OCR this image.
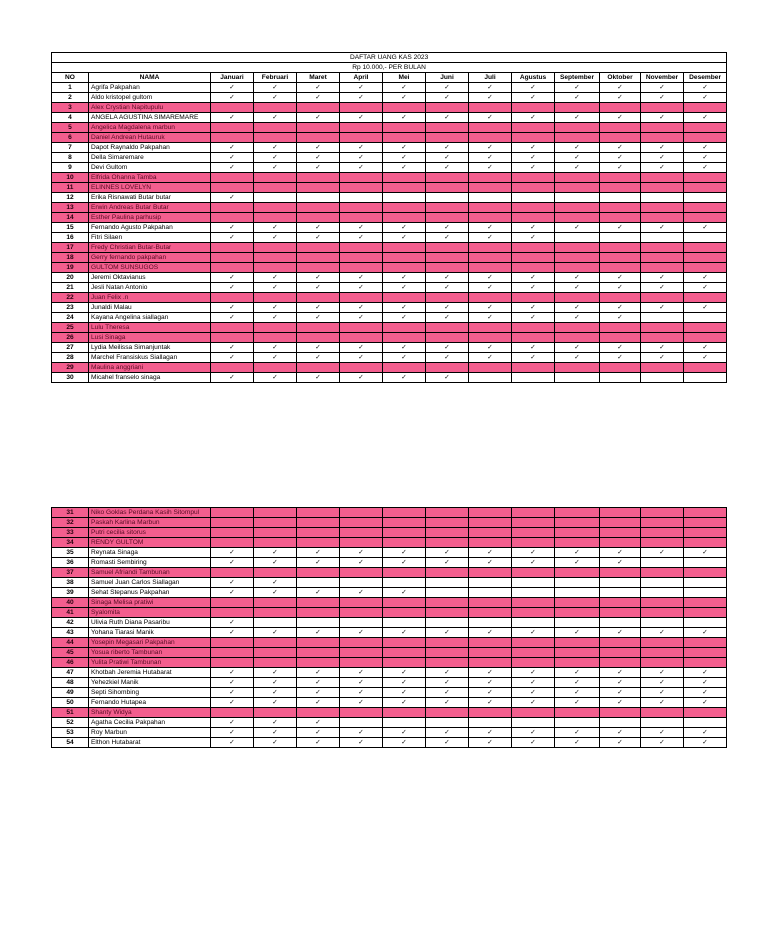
DAFTAR UANG KAS 2023													
Rp 10.000,- PER BULAN													
NO	NAMA	Januari	Februari	Maret	April	Mei	Juni	Juli	Agustus	September	Oktober	November	Desember
1	Agrifa Pakpahan	✓	✓	✓	✓	✓	✓	✓	✓	✓	✓	✓	✓
2	Aldo kristopel gultom	✓	✓	✓	✓	✓	✓	✓	✓	✓	✓	✓	✓
3	Alex Crystian Napitupulu												
4	ANGELA AGUSTINA SIMAREMARE	✓	✓	✓	✓	✓	✓	✓	✓	✓	✓	✓	✓
5	Angelica Magdalena marbun												
6	Daniel Andrean Hutauruk												
7	Dapot Raynaldo Pakpahan	✓	✓	✓	✓	✓	✓	✓	✓	✓	✓	✓	✓
8	Della Simaremare	✓	✓	✓	✓	✓	✓	✓	✓	✓	✓	✓	✓
9	Devi Gultom	✓	✓	✓	✓	✓	✓	✓	✓	✓	✓	✓	✓
10	Elfrida Ohanna Tamba												
11	ELINNES LOVELYN												
12	Erika Risnawati Butar butar	✓											
13	Erwin Andreas Butar Butar												
14	Esther Paulina parhusip												
15	Fernando Agusto Pakpahan	✓	✓	✓	✓	✓	✓	✓	✓	✓	✓	✓	✓
16	Fitri Silaen	✓	✓	✓	✓	✓	✓	✓	✓				
17	Fredy Christian Butar-Butar												
18	Gerry fernando pakpahan												
19	GULTOM SUNSUGOS												
20	Jeremi Oktavianus	✓	✓	✓	✓	✓	✓	✓	✓	✓	✓	✓	✓
21	Jesli Natan Antonio	✓	✓	✓	✓	✓	✓	✓	✓	✓	✓	✓	✓
22	Juan Felix .n												
23	Junaldi Malau	✓	✓	✓	✓	✓	✓	✓	✓	✓	✓	✓	✓
24	Kayana Angelina siallagan	✓	✓	✓	✓	✓	✓	✓	✓	✓	✓		
25	Lulu Theresa												
26	Lusi Sinaga												
27	Lydia Meilissa Simanjuntak	✓	✓	✓	✓	✓	✓	✓	✓	✓	✓	✓	✓
28	Marchel Fransiskus Siallagan	✓	✓	✓	✓	✓	✓	✓	✓	✓	✓	✓	✓
29	Maulina anggriani												
30	Micahel franselo sinaga	✓	✓	✓	✓	✓	✓						
31	Niko Goklas Perdana Kasih Sitompul												
32	Paskah Karlina Marbun												
33	Putri cecilia sitorus												
34	RENDY GULTOM												
35	Reynata Sinaga	✓	✓	✓	✓	✓	✓	✓	✓	✓	✓	✓	✓
36	Romasti Sembiring	✓	✓	✓	✓	✓	✓	✓	✓	✓	✓		
37	Samuel Afriandi Tambunan												
38	Samuel Juan Carlos Siallagan	✓	✓										
39	Sehat Stepanus Pakpahan	✓	✓	✓	✓	✓							
40	Sinaga Melisa pratiwi												
41	Syalomita												
42	Ulivia Ruth Diana Pasaribu	✓											
43	Yohana Tiarasi Manik	✓	✓	✓	✓	✓	✓	✓	✓	✓	✓	✓	✓
44	Yosepin Megasari Pakpahan												
45	Yosua riberto Tambunan												
46	Yulita Pratiwi Tambunan												
47	Khotbah Jeremia Hutabarat	✓	✓	✓	✓	✓	✓	✓	✓	✓	✓	✓	✓
48	Yehezkiel Manik	✓	✓	✓	✓	✓	✓	✓	✓	✓	✓	✓	✓
49	Septi Sihombing	✓	✓	✓	✓	✓	✓	✓	✓	✓	✓	✓	✓
50	Fernando Hutapea	✓	✓	✓	✓	✓	✓	✓	✓	✓	✓	✓	✓
51	Shanty Widya												
52	Agatha Cecilia Pakpahan	✓	✓	✓									
53	Roy Marbun	✓	✓	✓	✓	✓	✓	✓	✓	✓	✓	✓	✓
54	Elthon Hutabarat	✓	✓	✓	✓	✓	✓	✓	✓	✓	✓	✓	✓
